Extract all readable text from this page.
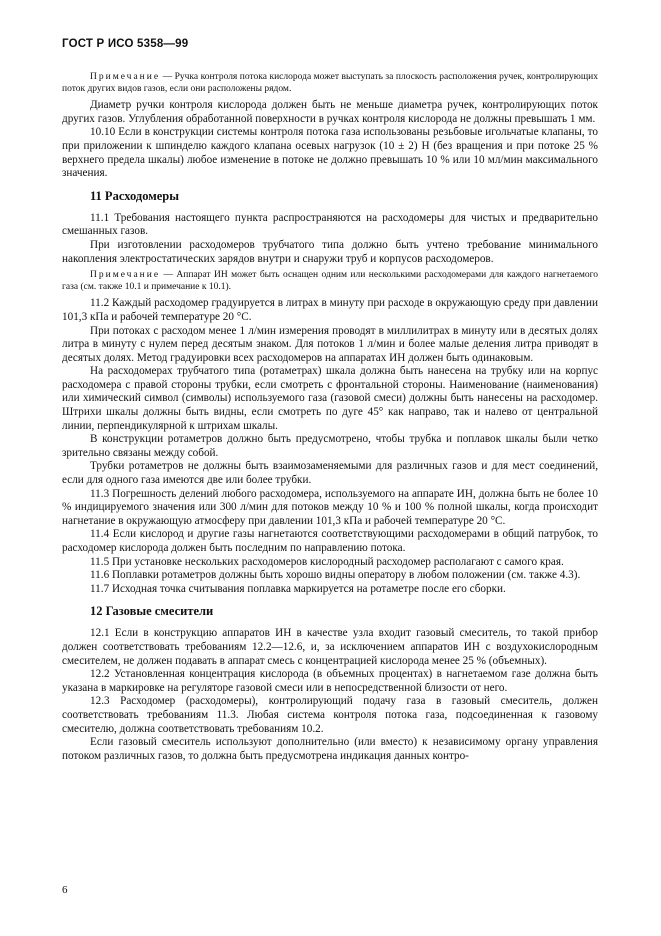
ГОСТ Р ИСО 5358—99

Примечание — Ручка контроля потока кислорода может выступать за плоскость расположения ручек, контролирующих поток других видов газов, если они расположены рядом.

Диаметр ручки контроля кислорода должен быть не меньше диаметра ручек, контролирующих поток других газов. Углубления обработанной поверхности в ручках контроля кислорода не должны превышать 1 мм.

10.10 Если в конструкции системы контроля потока газа использованы резьбовые игольчатые клапаны, то при приложении к шпинделю каждого клапана осевых нагрузок (10 ± 2) Н (без вращения и при потоке 25 % верхнего предела шкалы) любое изменение в потоке не должно превышать 10 % или 10 мл/мин максимального значения.

11 Расходомеры

11.1 Требования настоящего пункта распространяются на расходомеры для чистых и предварительно смешанных газов.

При изготовлении расходомеров трубчатого типа должно быть учтено требование минимального накопления электростатических зарядов внутри и снаружи труб и корпусов расходомеров.

Примечание — Аппарат ИН может быть оснащен одним или несколькими расходомерами для каждого нагнетаемого газа (см. также 10.1 и примечание к 10.1).

11.2 Каждый расходомер градуируется в литрах в минуту при расходе в окружающую среду при давлении 101,3 кПа и рабочей температуре 20 °С.

При потоках с расходом менее 1 л/мин измерения проводят в миллилитрах в минуту или в десятых долях литра в минуту с нулем перед десятым знаком. Для потоков 1 л/мин и более малые деления литра приводят в десятых долях. Метод градуировки всех расходомеров на аппаратах ИН должен быть одинаковым.

На расходомерах трубчатого типа (ротаметрах) шкала должна быть нанесена на трубку или на корпус расходомера с правой стороны трубки, если смотреть с фронтальной стороны. Наименование (наименования) или химический символ (символы) используемого газа (газовой смеси) должны быть нанесены на расходомер. Штрихи шкалы должны быть видны, если смотреть по дуге 45° как направо, так и налево от центральной линии, перпендикулярной к штрихам шкалы.

В конструкции ротаметров должно быть предусмотрено, чтобы трубка и поплавок шкалы были четко зрительно связаны между собой.

Трубки ротаметров не должны быть взаимозаменяемыми для различных газов и для мест соединений, если для одного газа имеются две или более трубки.

11.3 Погрешность делений любого расходомера, используемого на аппарате ИН, должна быть не более 10 % индицируемого значения или 300 л/мин для потоков между 10 % и 100 % полной шкалы, когда происходит нагнетание в окружающую атмосферу при давлении 101,3 кПа и рабочей температуре 20 °С.

11.4 Если кислород и другие газы нагнетаются соответствующими расходомерами в общий патрубок, то расходомер кислорода должен быть последним по направлению потока.

11.5 При установке нескольких расходомеров кислородный расходомер располагают с самого края.

11.6 Поплавки ротаметров должны быть хорошо видны оператору в любом положении (см. также 4.3).

11.7 Исходная точка считывания поплавка маркируется на ротаметре после его сборки.

12 Газовые смесители

12.1 Если в конструкцию аппаратов ИН в качестве узла входит газовый смеситель, то такой прибор должен соответствовать требованиям 12.2—12.6, и, за исключением аппаратов ИН с воздухокислородным смесителем, не должен подавать в аппарат смесь с концентрацией кислорода менее 25 % (объемных).

12.2 Установленная концентрация кислорода (в объемных процентах) в нагнетаемом газе должна быть указана в маркировке на регуляторе газовой смеси или в непосредственной близости от него.

12.3 Расходомер (расходомеры), контролирующий подачу газа в газовый смеситель, должен соответствовать требованиям 11.3. Любая система контроля потока газа, подсоединенная к газовому смесителю, должна соответствовать требованиям 10.2.

Если газовый смеситель используют дополнительно (или вместо) к независимому органу управления потоком различных газов, то должна быть предусмотрена индикация данных контро-

6
